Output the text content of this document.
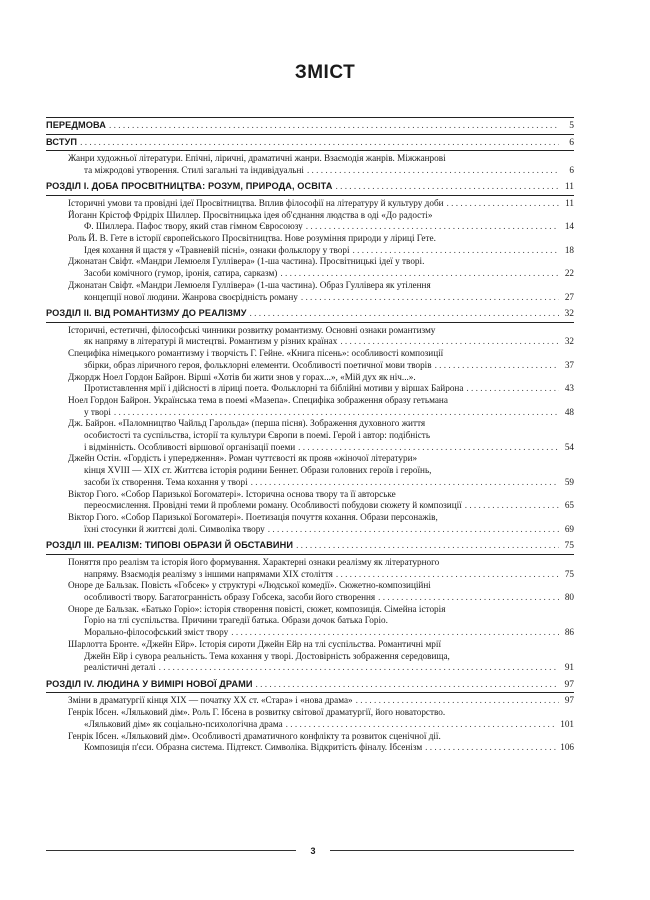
ЗМІСТ
ПЕРЕДМОВА . . .	5
ВСТУП . . .	6
Жанри художньої літератури. Епічні, ліричні, драматичні жанри. Взаємодія жанрів. Міжжанрові
та міжродові утворення. Стилі загальні та індивідуальні . . .	6
РОЗДІЛ І. ДОБА ПРОСВІТНИЦТВА: РОЗУМ, ПРИРОДА, ОСВІТА . . .	11
Історичні умови та провідні ідеї Просвітництва. Вплив філософії на літературу й культуру доби . . .	11
Йоганн Крістоф Фрідріх Шиллер. Просвітницька ідея об'єднання людства в оді «До радості»
Ф. Шиллера. Пафос твору, який став гімном Євросоюзу . . .	14
Роль Й. В. Гете в історії європейського Просвітництва. Нове розуміння природи у ліриці Гете.
Ідея кохання й щастя у «Травневій пісні», ознаки фольклору у творі . . .	18
Джонатан Свіфт. «Мандри Лемюеля Гуллівера» (1-ша частина). Просвітницькі ідеї у творі.
Засоби комічного (гумор, іронія, сатира, сарказм) . . .	22
Джонатан Свіфт. «Мандри Лемюеля Гуллівера» (1-ша частина). Образ Гуллівера як утілення
концепції нової людини. Жанрова своєрідність роману . . .	27
РОЗДІЛ ІІ. ВІД РОМАНТИЗМУ ДО РЕАЛІЗМУ . . .	32
Історичні, естетичні, філософські чинники розвитку романтизму. Основні ознаки романтизму
як напряму в літературі й мистецтві. Романтизм у різних країнах . . .	32
Специфіка німецького романтизму і творчість Г. Гейне. «Книга пісень»: особливості композиції
збірки, образ ліричного героя, фольклорні елементи. Особливості поетичної мови творів . . .	37
Джордж Ноел Гордон Байрон. Вірші «Хотів би жити знов у горах...», «Мій дух як ніч...».
Протиставлення мрії і дійсності в ліриці поета. Фольклорні та біблійні мотиви у віршах Байрона . . .	43
Ноел Гордон Байрон. Українська тема в поемі «Мазепа». Специфіка зображення образу гетьмана
у творі . . .	48
Дж. Байрон. «Паломництво Чайльд Гарольда» (перша пісня). Зображення духовного життя
особистості та суспільства, історії та культури Європи в поемі. Герой і автор: подібність
і відмінність. Особливості віршової організації поеми . . .	54
Джейн Остін. «Гордість і упередження». Роман чуттєвості як прояв «жіночої літератури»
кінця XVIII — XIX ст. Життєва історія родини Беннет. Образи головних героїв і героїнь,
засоби їх створення. Тема кохання у творі . . .	59
Віктор Гюго. «Собор Паризької Богоматері». Історична основа твору та її авторське
переосмислення. Провідні теми й проблеми роману. Особливості побудови сюжету й композиції . . .	65
Віктор Гюго. «Собор Паризької Богоматері». Поетизація почуття кохання. Образи персонажів,
їхні стосунки й життєві долі. Символіка твору . . .	69
РОЗДІЛ ІІІ. РЕАЛІЗМ: ТИПОВІ ОБРАЗИ Й ОБСТАВИНИ . . .	75
Поняття про реалізм та історія його формування. Характерні ознаки реалізму як літературного
напряму. Взаємодія реалізму з іншими напрямами XIX століття . . .	75
Оноре де Бальзак. Повість «Гобсек» у структурі «Людської комедії». Сюжетно-композиційні
особливості твору. Багатогранність образу Гобсека, засоби його створення . . .	80
Оноре де Бальзак. «Батько Горіо»: історія створення повісті, сюжет, композиція. Сімейна історія
Горіо на тлі суспільства. Причини трагедії батька. Образи дочок батька Горіо.
Морально-філософський зміст твору . . .	86
Шарлотта Бронте. «Джейн Ейр». Історія сироти Джейн Ейр на тлі суспільства. Романтичні мрії
Джейн Ейр і сувора реальність. Тема кохання у творі. Достовірність зображення середовища,
реалістичні деталі . . .	91
РОЗДІЛ IV. ЛЮДИНА У ВИМІРІ НОВОЇ ДРАМИ . . .	97
Зміни в драматургії кінця XIX — початку XX ст. «Стара» і «нова драма» . . .	97
Генрік Ібсен. «Ляльковий дім». Роль Г. Ібсена в розвитку світової драматургії, його новаторство.
«Ляльковий дім» як соціально-психологічна драма . . .	101
Генрік Ібсен. «Ляльковий дім». Особливості драматичного конфлікту та розвиток сценічної дії.
Композиція п'єси. Образна система. Підтекст. Символіка. Відкритість фіналу. Ібсенізм . . .	106
3
